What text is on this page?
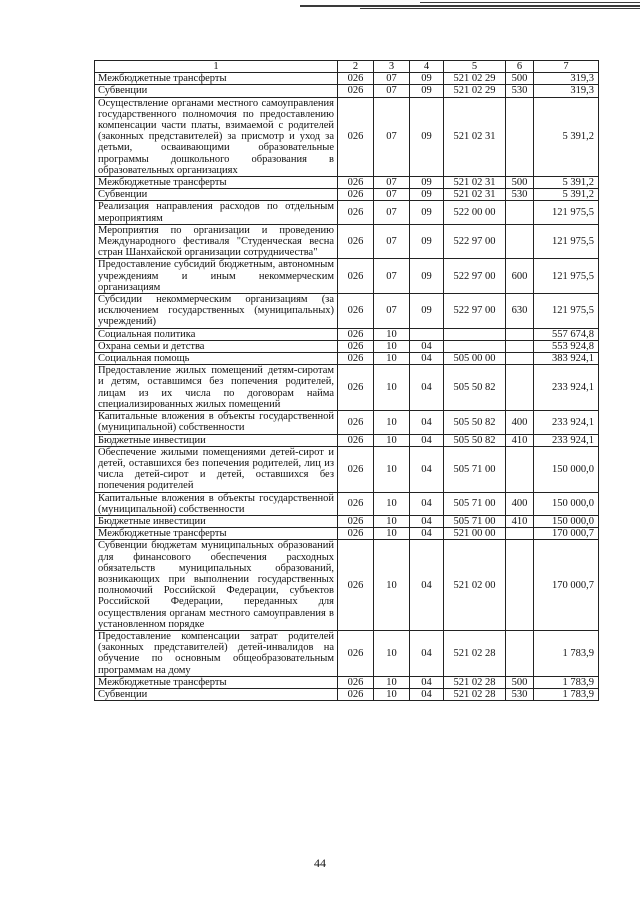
1	2	3	4	5	6	7
Межбюджетные трансферты	026	07	09	521 02 29	500	319,3
Субвенции	026	07	09	521 02 29	530	319,3
Осуществление органами местного самоуправления государственного полномочия по предоставлению компенсации части платы, взимаемой с родителей (законных представителей) за присмотр и уход за детьми, осваивающими образовательные программы дошкольного образования в образовательных организациях	026	07	09	521 02 31		5 391,2
Межбюджетные трансферты	026	07	09	521 02 31	500	5 391,2
Субвенции	026	07	09	521 02 31	530	5 391,2
Реализация направления расходов по отдельным мероприятиям	026	07	09	522 00 00		121 975,5
Мероприятия по организации и проведению Международного фестиваля "Студенческая весна стран Шанхайской организации сотрудничества"	026	07	09	522 97 00		121 975,5
Предоставление субсидий бюджетным, автономным учреждениям и иным некоммерческим организациям	026	07	09	522 97 00	600	121 975,5
Субсидии некоммерческим организациям (за исключением государственных (муниципальных) учреждений)	026	07	09	522 97 00	630	121 975,5
Социальная политика	026	10				557 674,8
Охрана семьи и детства	026	10	04			553 924,8
Социальная помощь	026	10	04	505 00 00		383 924,1
Предоставление жилых помещений детям-сиротам и детям, оставшимся без попечения родителей, лицам из их числа по договорам найма специализированных жилых помещений	026	10	04	505 50 82		233 924,1
Капитальные вложения в объекты государственной (муниципальной) собственности	026	10	04	505 50 82	400	233 924,1
Бюджетные инвестиции	026	10	04	505 50 82	410	233 924,1
Обеспечение жилыми помещениями детей-сирот и детей, оставшихся без попечения родителей, лиц из числа детей-сирот и детей, оставшихся без попечения родителей	026	10	04	505 71 00		150 000,0
Капитальные вложения в объекты государственной (муниципальной) собственности	026	10	04	505 71 00	400	150 000,0
Бюджетные инвестиции	026	10	04	505 71 00	410	150 000,0
Межбюджетные трансферты	026	10	04	521 00 00		170 000,7
Субвенции бюджетам муниципальных образований для финансового обеспечения расходных обязательств муниципальных образований, возникающих при выполнении государственных полномочий Российской Федерации, субъектов Российской Федерации, переданных для осуществления органам местного самоуправления в установленном порядке	026	10	04	521 02 00		170 000,7
Предоставление компенсации затрат родителей (законных представителей) детей-инвалидов на обучение по основным общеобразовательным программам на дому	026	10	04	521 02 28		1 783,9
Межбюджетные трансферты	026	10	04	521 02 28	500	1 783,9
Субвенции	026	10	04	521 02 28	530	1 783,9
44
